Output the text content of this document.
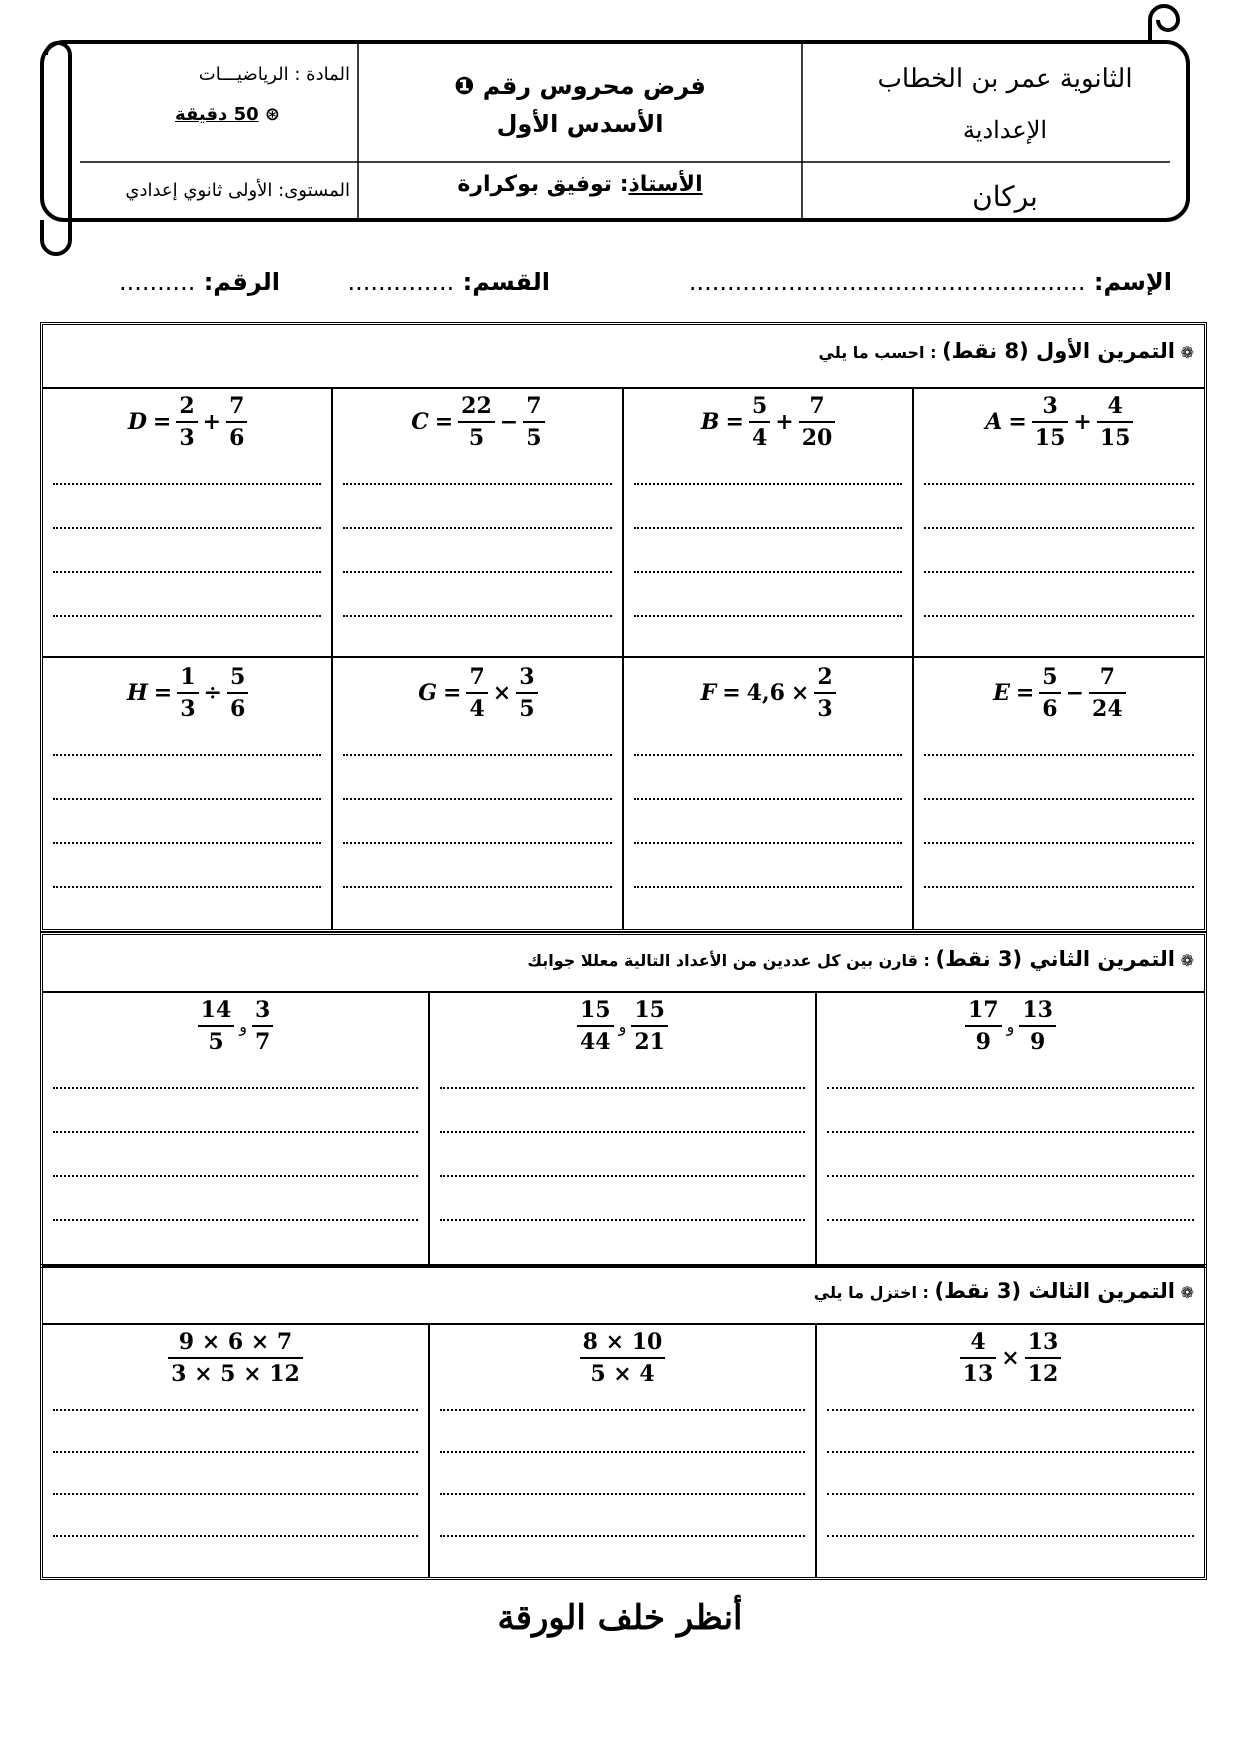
الثانوية عمر بن الخطاب
الإعدادية
بركان
فرض محروس رقم ❶
الأسدس الأول
الأستاذ: توفيق بوكرارة
المادة : الرياضيـــات
⊛ 50 دقيقة
المستوى: الأولى ثانوي إعدادي
الإسم: ....................................................
القسم: ..............
الرقم: ..........
❁ التمرين الأول (8 نقط) : احسب ما يلي
$A = \frac{3}{15} + \frac{4}{15}$
$B = \frac{5}{4} + \frac{7}{20}$
$C = \frac{22}{5} - \frac{7}{5}$
$D = \frac{2}{3} + \frac{7}{6}$
$E = \frac{5}{6} - \frac{7}{24}$
$F = 4,6 \times \frac{2}{3}$
$G = \frac{7}{4} \times \frac{3}{5}$
$H = \frac{1}{3} \div \frac{5}{6}$
❁ التمرين الثاني (3 نقط) : قارن بين كل عددين من الأعداد التالية معللا جوابك
$\frac{17}{9}$ و $\frac{13}{9}$
$\frac{15}{44}$ و $\frac{15}{21}$
$\frac{14}{5}$ و $\frac{3}{7}$
❁ التمرين الثالث (3 نقط) : اختزل ما يلي
$\frac{4}{13} \times \frac{13}{12}$
$\frac{8 \times 10}{5 \times 4}$
$\frac{9 \times 6 \times 7}{3 \times 5 \times 12}$
أنظر خلف الورقة
